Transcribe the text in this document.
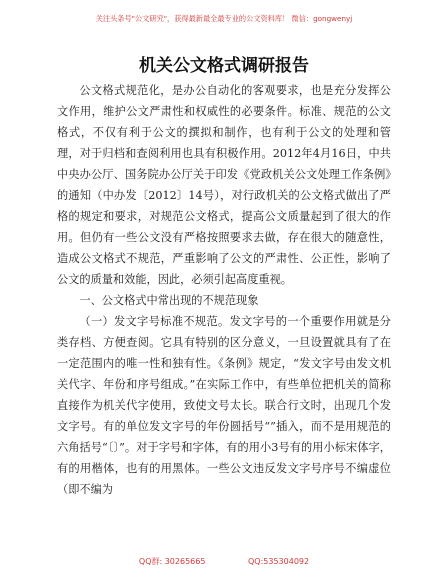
关注头条号"公文研究"，获得最新最全最专业的公文资料库！ 微信：gongwenyj
机关公文格式调研报告

公文格式规范化，是办公自动化的客观要求，也是充分发挥公文作用，维护公文严肃性和权威性的必要条件。标准、规范的公文格式，不仅有利于公文的撰拟和制作，也有利于公文的处理和管理，对于归档和查阅利用也具有积极作用。2012年4月16日，中共中央办公厅、国务院办公厅关于印发《党政机关公文处理工作条例》的通知（中办发〔2012〕14号），对行政机关的公文格式做出了严格的规定和要求，对规范公文格式，提高公文质量起到了很大的作用。但仍有一些公文没有严格按照要求去做，存在很大的随意性，造成公文格式不规范，严重影响了公文的严肃性、公正性，影响了公文的质量和效能，因此，必须引起高度重视。

一、公文格式中常出现的不规范现象

（一）发文字号标准不规范。发文字号的一个重要作用就是分类存档、方便查阅。它具有特别的区分意义，一旦设置就具有了在一定范围内的唯一性和独有性。《条例》规定，“发文字号由发文机关代字、年份和序号组成。”在实际工作中，有些单位把机关的简称直接作为机关代字使用，致使文号太长。联合行文时，出现几个发文字号。有的单位发文字号的年份圆括号“”插入，而不是用规范的六角括号“〔〕”。对于字号和字体，有的用小3号有的用小标宋体字，有的用楷体，也有的用黑体。一些公文违反发文字号序号不编虚位（即不编为

QQ群: 30265665	QQ:535304092
